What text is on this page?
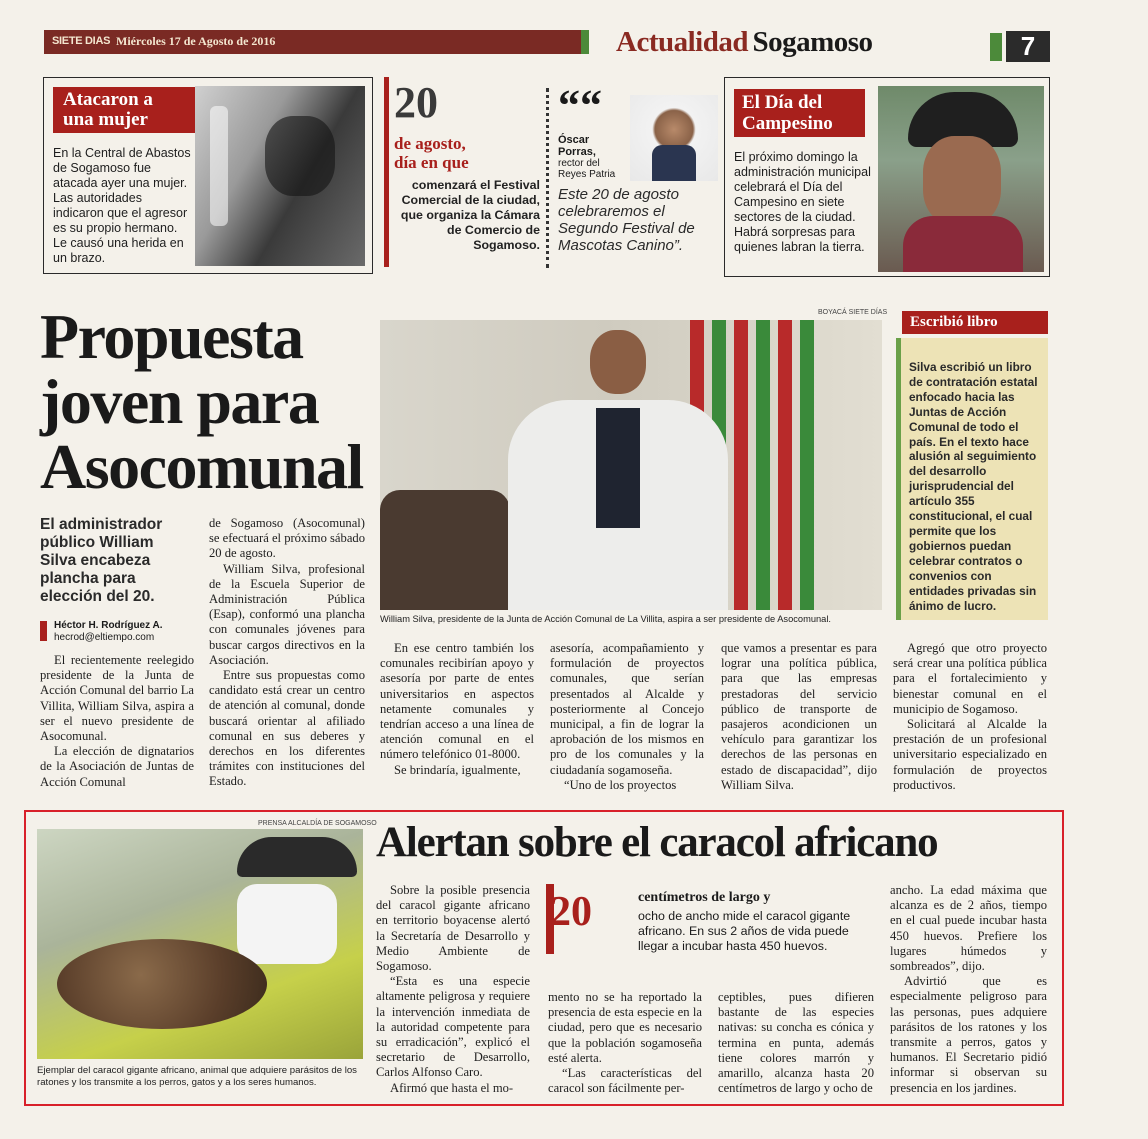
SIETE DIAS Miércoles 17 de Agosto de 2016	Actualidad Sogamoso	7
Atacaron a
una mujer
En la Central de Abastos de Sogamoso fue atacada ayer una mujer. Las autoridades indicaron que el agresor es su propio hermano. Le causó una herida en un brazo.
20
de agosto,
día en que
comenzará el Festival Comercial de la ciudad, que organiza la Cámara de Comercio de Sogamoso.
““
Óscar Porras,
rector del
Reyes Patria
Este 20 de agosto celebraremos el Segundo Festival de Mascotas Canino”.
El Día del
Campesino
El próximo domingo la administración municipal celebrará el Día del Campesino en siete sectores de la ciudad. Habrá sorpresas para quienes labran la tierra.
Propuesta
joven para
Asocomunal
El administrador público William Silva encabeza plancha para elección del 20.
Héctor H. Rodríguez A.
hecrod@eltiempo.com

El recientemente reelegido presidente de la Junta de Acción Comunal del barrio La Villita, William Silva, aspira a ser el nuevo presidente de Asocomunal.

La elección de dignatarios de la Asociación de Juntas de Acción Comunal

de Sogamoso (Asocomunal) se efectuará el próximo sábado 20 de agosto.

William Silva, profesional de la Escuela Superior de Administración Pública (Esap), conformó una plancha con comunales jóvenes para buscar cargos directivos en la Asociación.

Entre sus propuestas como candidato está crear un centro de atención al comunal, donde buscará orientar al afiliado comunal en sus deberes y derechos en los diferentes trámites con instituciones del Estado.

BOYACÁ SIETE DÍAS
William Silva, presidente de la Junta de Acción Comunal de La Villita, aspira a ser presidente de Asocomunal.
Escribió libro
Silva escribió un libro de contratación estatal enfocado hacia las Juntas de Acción Comunal de todo el país. En el texto hace alusión al seguimiento del desarrollo jurisprudencial del artículo 355 constitucional, el cual permite que los gobiernos puedan celebrar contratos o convenios con entidades privadas sin ánimo de lucro.

En ese centro también los comunales recibirían apoyo y asesoría por parte de entes universitarios en aspectos netamente comunales y tendrían acceso a una línea de atención comunal en el número telefónico 01-8000.

Se brindaría, igualmente,

asesoría, acompañamiento y formulación de proyectos comunales, que serían presentados al Alcalde y posteriormente al Concejo municipal, a fin de lograr la aprobación de los mismos en pro de los comunales y la ciudadanía sogamoseña.

“Uno de los proyectos

que vamos a presentar es para lograr una política pública, para que las empresas prestadoras del servicio público de transporte de pasajeros acondicionen un vehículo para garantizar los derechos de las personas en estado de discapacidad”, dijo William Silva.

Agregó que otro proyecto será crear una política pública para el fortalecimiento y bienestar comunal en el municipio de Sogamoso.

Solicitará al Alcalde la prestación de un profesional universitario especializado en formulación de proyectos productivos.

PRENSA ALCALDÍA DE SOGAMOSO
Ejemplar del caracol gigante africano, animal que adquiere parásitos de los ratones y los transmite a los perros, gatos y a los seres humanos.
Alertan sobre el caracol africano

Sobre la posible presencia del caracol gigante africano en territorio boyacense alertó la Secretaría de Desarrollo y Medio Ambiente de Sogamoso.

“Esta es una especie altamente peligrosa y requiere la intervención inmediata de la autoridad competente para su erradicación”, explicó el secretario de Desarrollo, Carlos Alfonso Caro.

Afirmó que hasta el mo-

20	centímetros de largo y
ocho de ancho mide el caracol gigante africano. En sus 2 años de vida puede llegar a incubar hasta 450 huevos.

mento no se ha reportado la presencia de esta especie en la ciudad, pero que es necesario que la población sogamoseña esté alerta.

“Las características del caracol son fácilmente per-

ceptibles, pues difieren bastante de las especies nativas: su concha es cónica y termina en punta, además tiene colores marrón y amarillo, alcanza hasta 20 centímetros de largo y ocho de

ancho. La edad máxima que alcanza es de 2 años, tiempo en el cual puede incubar hasta 450 huevos. Prefiere los lugares húmedos y sombreados”, dijo.

Advirtió que es especialmente peligroso para las personas, pues adquiere parásitos de los ratones y los transmite a perros, gatos y humanos. El Secretario pidió informar si observan su presencia en los jardines.
